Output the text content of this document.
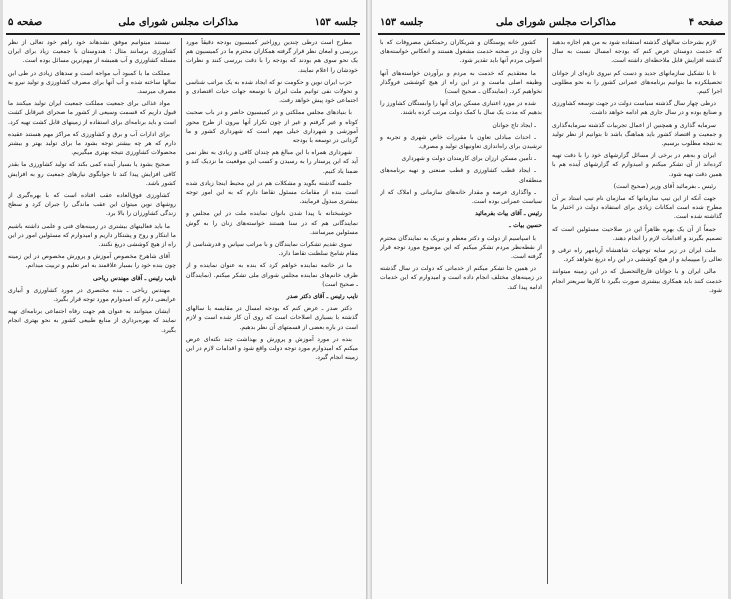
جلسه ۱۵۳
مذاکرات مجلس شورای ملی
صفحه ۵

مطرح است درطی چندین روزاخیر کمیسیون بودجه دقیقاً مورد بررسی و امعان نظر قرار گرفته همکاران محترم ما در کمیسیون هم یک نحو سوی هم بودند که بودجه را با دقت بررسی کنند و نظرات خودشان را اعلام نمایند.

حزب ایران نوین و حکومت نو که ایجاد شده به یک مراتب شناسی و تحولات نفی توانیم ملت ایران با توسعه جهات حیات اقتصادی و اجتماعی خود پیش خواهد رفت.

با بنیادهای مجلس مملکتی و در کمیسیون حاضر و در باب صحبت کوتاه و غیر گرفتم و غیر از چون تکرار آنها بیرون از طرح محور آموزشی و شهرداری خیلی مهم است که شهرداری کشور و ما گردانی در توسعه با بودجه

شهرداری همراه با این مبالغ هم چندان کافی و زیادی به نظر نمی آید که این پرستار را به رسیدن و کسب این موقعیت ما نزدیک کند و ضمنا یاد کنیم.

جلسه گذشته بگوید و مشکلات هم در این محیط اینجا زیادی شده است بنده از مقامات مسئول تقاضا دارم که به این امور توجه بیشتری مبذول فرمایند.

خوشبختانه با پیدا شدن بانوان نماینده ملت در این مجلس و نمایندگانی هم که در سنا هستند خواسته‌های زنان را به گوش مسئولین میرسانند.

سوی تقدیم تشکرات نمایندگان و با مراتب سپاس و قدرشناسی از مقام شامخ سلطنت تقاضا دارد.

ما در خاتمه نماینده خواهم کرد که بنده به عنوان نماینده و از طرف خانم‌های نماینده مجلس شورای ملی تشکر میکنم. (نمایندگان ـ صحیح است)

نایب رئیس ـ آقای دکتر صدر

دکتر صدر ـ عرض کنم که بودجه امسال در مقایسه با سالهای گذشته با بسیاری اصلاحات است که روی آن کار شده است و لازم است در باره بعضی از قسمتهای آن نظر بدهیم.

بنده در مورد آموزش و پرورش و بهداشت چند نکته‌ای عرض میکنم که امیدوارم مورد توجه دولت واقع شود و اقدامات لازم در این زمینه انجام گیرد.

نیستند میتوانیم موفق نشدهاند خود راهم خود تعالی از نظر کشاورزی برسانند مثال ؛ هندوستان با جمعیت زیاد برای ایران مسئله کشاورزی و آب همیشه از مهم‌ترین مسائل بوده است.

مملکت ما با کمبود آب مواجه است و سدهای زیادی در طی این سالها ساخته شده و آب آنها برای مصرف کشاورزی و تولید نیرو به مصرف میرسد.

مواد غذائی برای جمعیت مملکت جمعیت ایران تولید میکنند ما قبول داریم که قسمت وسیعی از کشور ما صحرای غیرقابل کشت است و باید برنامه‌ای برای استفاده از زمینهای قابل کشت تهیه کرد.

برای ادارات آب و برق و کشاورزی که مراکز مهم هستند عقیده دارم که هر چه بیشتر توجه بشود ما برای تولید بهتر و بیشتر محصولات کشاورزی نتیجه بهتری میگیریم.

صحیح بشود یا بسیار آینده کمی بکند که تولید کشاورزی ما بقدر کافی افزایش پیدا کند تا جوابگوی نیازهای جمعیت رو به افزایش کشور باشد.

کشاورزی فوق‌العاده عقب افتاده است که با بهره‌گیری از روشهای نوین میتوان این عقب ماندگی را جبران کرد و سطح زندگی کشاورزان را بالا برد.

ما باید فعالیتهای بیشتری در زمینه‌های فنی و علمی داشته باشیم ما ابتکار و روح و پشتکار داریم و امیدوارم که مسئولین امور در این راه از هیچ کوششی دریغ نکنند.

آقای شاهرخ مخصوص آموزش و پرورش مخصوص در این زمینه چون بنده خود را بسیار علاقمند به امر تعلیم و تربیت میدانم.

نایب رئیس ـ آقای مهندس ریاحی

مهندس ریاحی ـ بنده مختصری در مورد کشاورزی و آبیاری عرایضی دارم که امیدوارم مورد توجه قرار بگیرد.

ایشان میتوانند به عنوان هم جهت رفاه اجتماعی برنامه‌ای تهیه نمایند که بهره‌برداری از منابع طبیعی کشور به نحو بهتری انجام بگیرد.

صفحه ۴
مذاکرات مجلس شورای ملی
جلسه ۱۵۳

لازم بشرحات سالهای گذشته استفاده شود به من هم اجازه بدهید که خدمت دوستان عرض کنم که بودجه امسال نسبت به سال گذشته افزایش قابل ملاحظه‌ای داشته است.

تا با تشکیل سازمانهای جدید و دست کم نیروی تازه‌ای از جوانان تحصیلکرده ما بتوانیم برنامه‌های عمرانی کشور را به نحو مطلوبی اجرا کنیم.

درطی چهار سال گذشته سیاست دولت در جهت توسعه کشاورزی و صنایع بوده و در سال جاری هم ادامه خواهد داشت.

سرمایه گذاری و همچنین از اعمال تجربیات گذشته سرمایه‌گذاری و جمعیت و اقتصاد کشور باید هماهنگ باشد تا بتوانیم از نظر تولید به نتیجه مطلوب برسیم.

ایران و به‌هم در برخی از مسائل گزارشهای خود را با دقت تهیه کرده‌اند از آن تشکر میکنم و امیدوارم که گزارشهای آینده هم با همین دقت تهیه شود.

رئیس ـ بفرمائید آقای وزیر (صحیح است)

جهت آنکه از این تیپ سازمانها که سازمان نام تیپ استاد بر آن مطرح شده است امکانات زیادی برای استفاده دولت در اختیار ما گذاشته شده است.

جمعاً از آن یک بهره ظاهراً این در صلاحیت مسئولین است که تصمیم بگیرند و اقدامات لازم را انجام دهند.

ملت ایران در زیر سایه توجهات شاهنشاه آریامهر راه ترقی و تعالی را میپیماید و از هیچ کوششی در این راه دریغ نخواهد کرد.

مالی ایران و با جوانان فارغ‌التحصیل که در این زمینه میتوانند خدمت کنند باید همکاری بیشتری صورت بگیرد تا کارها سریعتر انجام شود.

کشور خانه پوستگان و شریکاران رحمتکش مصروفات که با جان ودل در صحنه خدمت مشغول هستند و انعکاس خواسته‌های اصولی مردم آنها باید تقدیر شود.

ما معتقدیم که خدمت به مردم و برآوردن خواسته‌های آنها وظیفه اصلی ماست و در این راه از هیچ کوششی فروگذار نخواهیم کرد. (نمایندگان ـ صحیح است)

شده در مورد اعتباری مسکن برای آنها را وابستگان کشاورز را بدهیم که مدت یک سال با کمک دولت مرتب کرده باشند.

ـ ایجاد تاج جوانان

ـ احداث مبادلی تعاون با مقررات خاص شهری و تجربه و ترشیدن برای راه‌اندازی تعاونیهای تولید و مصرف.

ـ تأمین مسکن ارزان برای کارمندان دولت و شهرداری

ـ ایجاد قطب کشاورزی و قطب صنعتی و تهیه برنامه‌های منطقه‌ای

ـ واگذاری عرصه و مقدار خانه‌های سازمانی و املاک که از سیاست عمرانی بوده است.

رئیس ـ آقای بیات بفرمائید

حسین بیات ـ

با اسپاسیم از دولت و دکتر معظم و تبریک به نمایندگان محترم از نقطه‌نظر مردم تشکر میکنم که این موضوع مورد توجه قرار گرفته است.

در همین جا تشکر میکنم از خدماتی که دولت در سال گذشته در زمینه‌های مختلف انجام داده است و امیدوارم که این خدمات ادامه پیدا کند.
